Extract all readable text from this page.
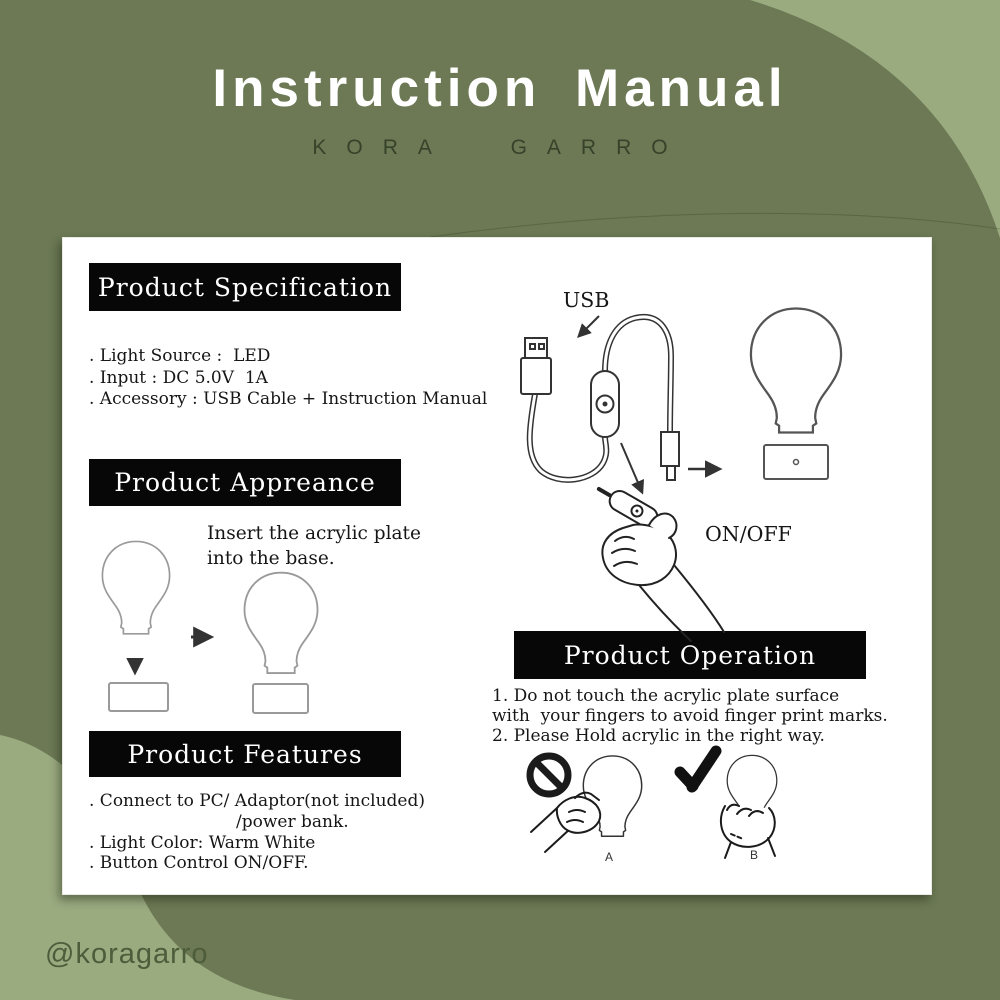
Instruction Manual
KORA GARRO
Product Specification
Product Appreance
Product Features
Product Operation
. Light Source :  LED
. Input : DC 5.0V  1A
. Accessory : USB Cable + Instruction Manual
Insert the acrylic plate
into the base.
. Connect to PC/ Adaptor(not included)
/power bank.
. Light Color: Warm White
. Button Control ON/OFF.
1. Do not touch the acrylic plate surface
with  your fingers to avoid finger print marks.
2. Please Hold acrylic in the right way.
USB
ON/OFF
A	B
@koragarro
